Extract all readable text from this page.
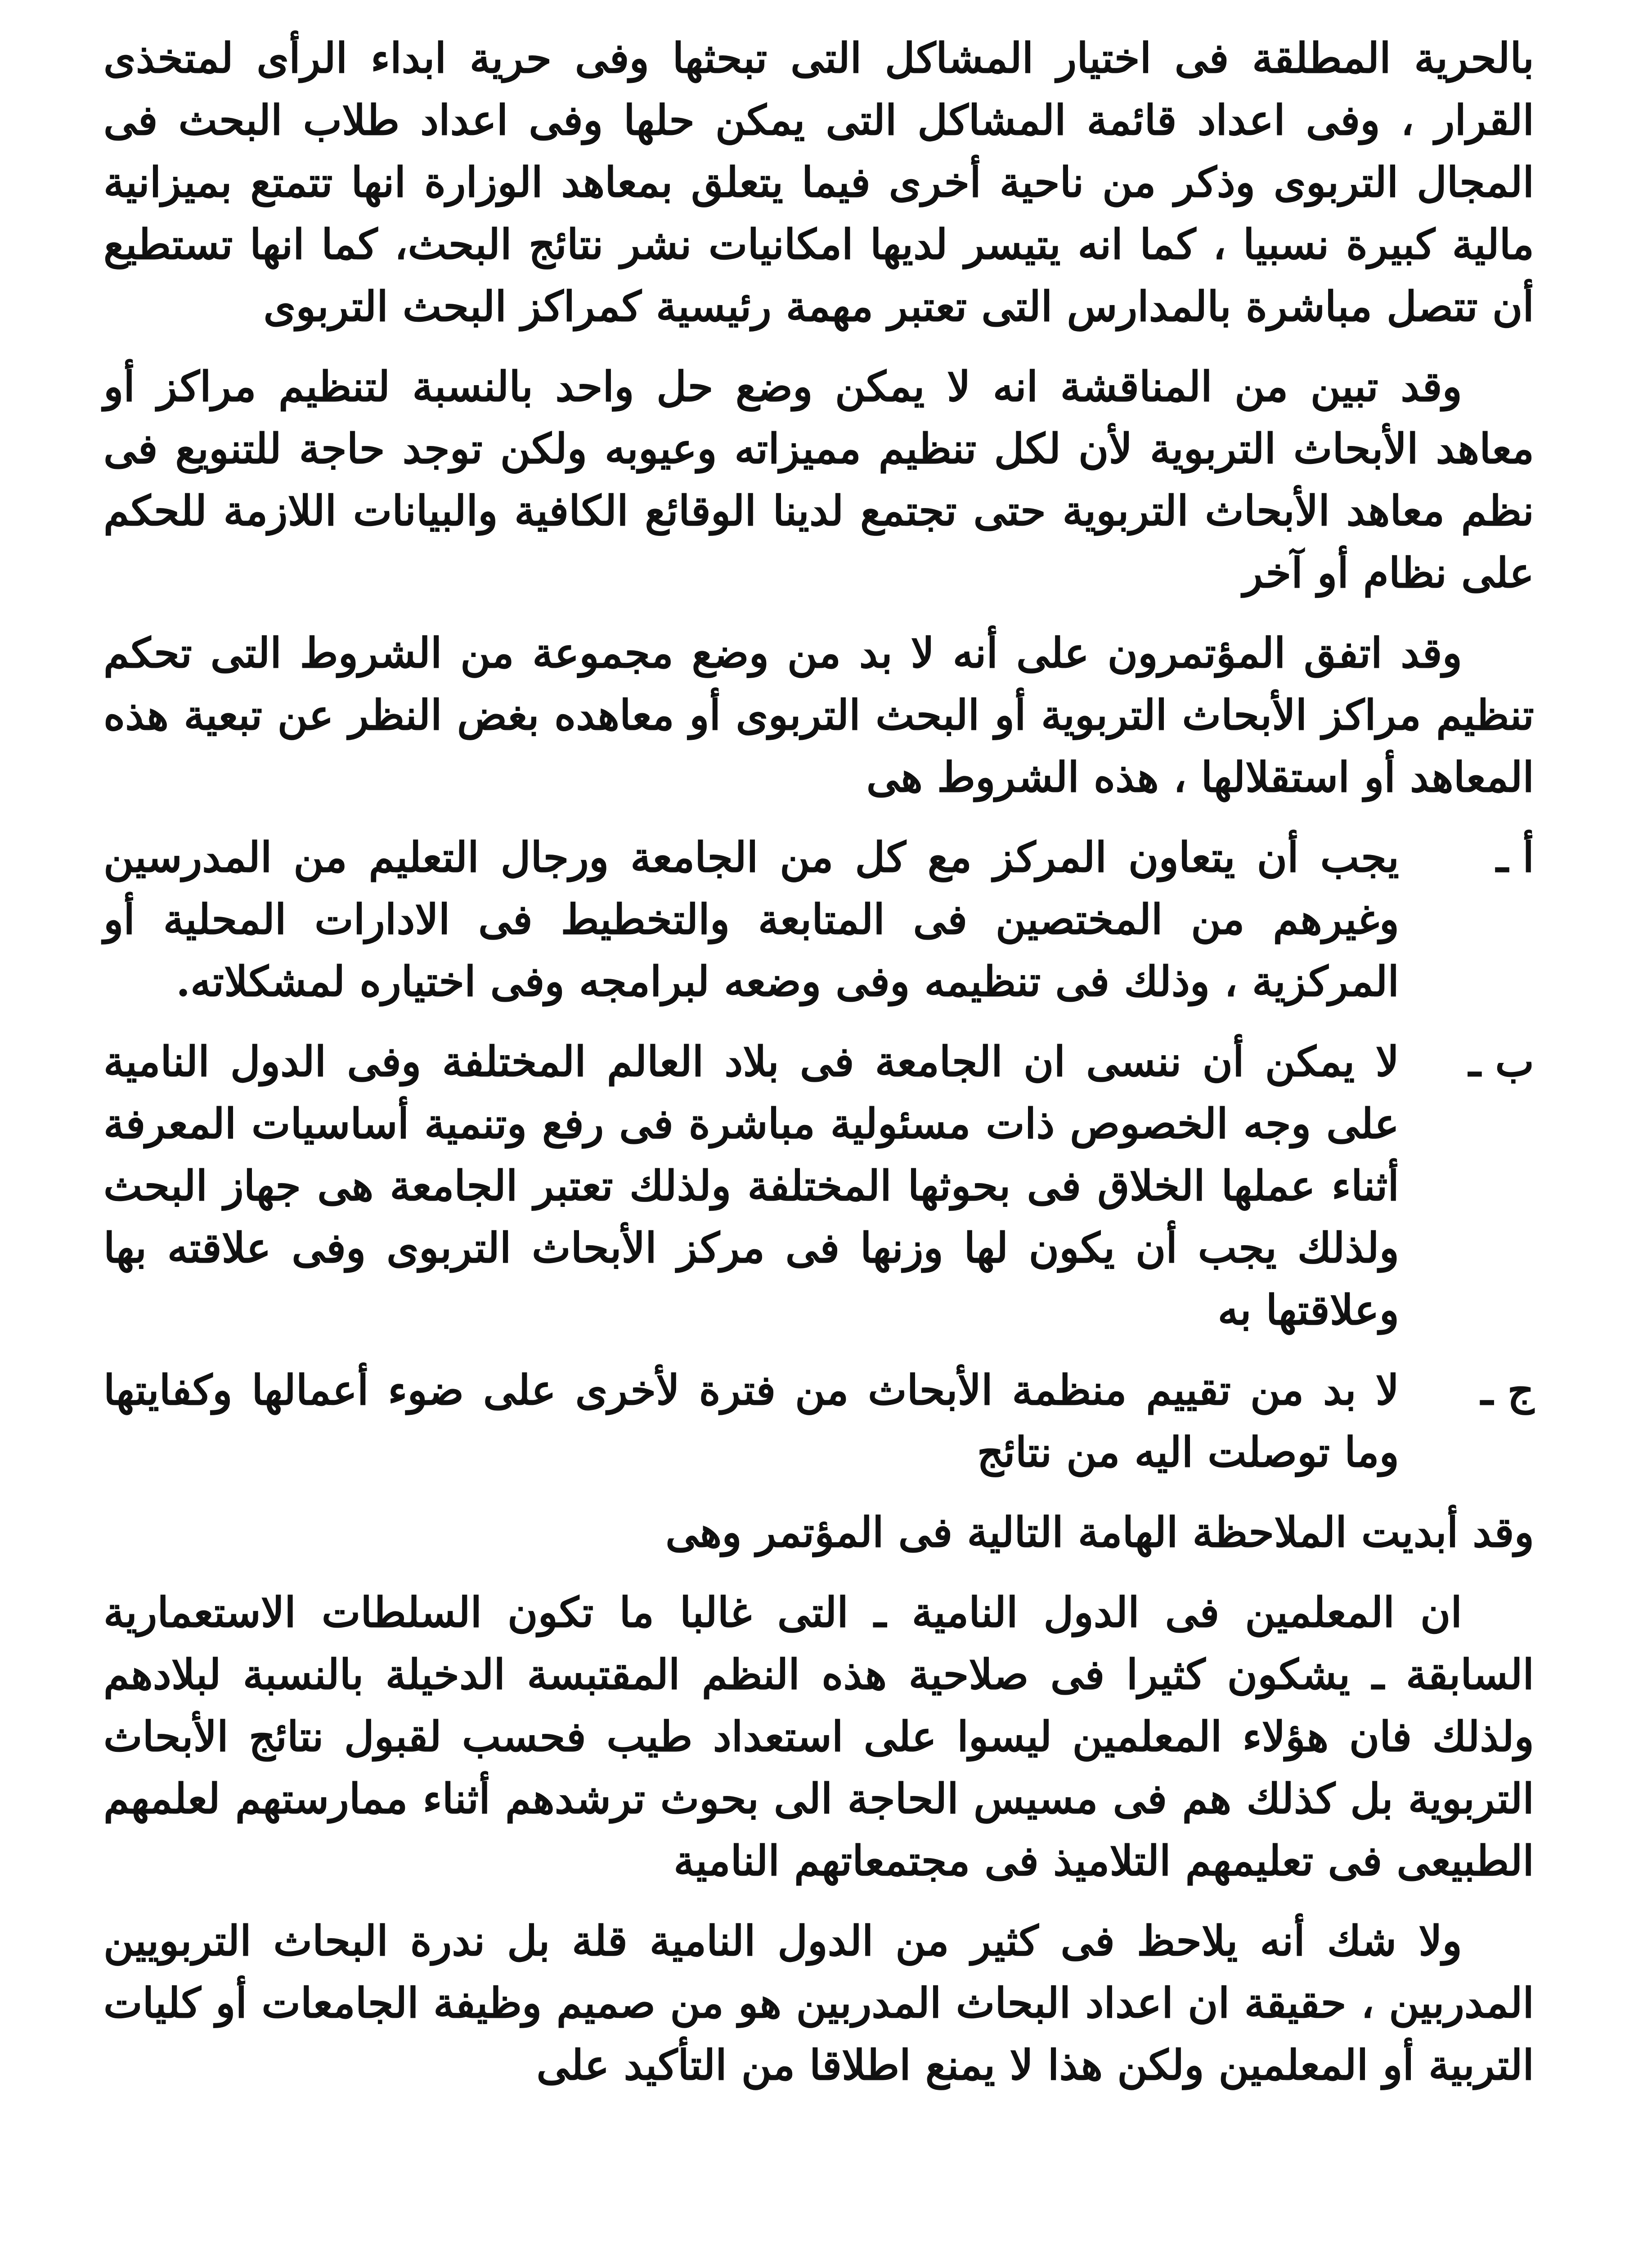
بالحرية المطلقة فى اختيار المشاكل التى تبحثها وفى حرية ابداء الرأى لمتخذى القرار ، وفى اعداد قائمة المشاكل التى يمكن حلها وفى اعداد طلاب البحث فى المجال التربوى وذكر من ناحية أخرى فيما يتعلق بمعاهد الوزارة انها تتمتع بميزانية مالية كبيرة نسبيا ، كما انه يتيسر لديها امكانيات نشر نتائج البحث، كما انها تستطيع أن تتصل مباشرة بالمدارس التى تعتبر مهمة رئيسية كمراكز البحث التربوى

وقد تبين من المناقشة انه لا يمكن وضع حل واحد بالنسبة لتنظيم مراكز أو معاهد الأبحاث التربوية لأن لكل تنظيم مميزاته وعيوبه ولكن توجد حاجة للتنويع فى نظم معاهد الأبحاث التربوية حتى تجتمع لدينا الوقائع الكافية والبيانات اللازمة للحكم على نظام أو آخر

وقد اتفق المؤتمرون على أنه لا بد من وضع مجموعة من الشروط التى تحكم تنظيم مراكز الأبحاث التربوية أو البحث التربوى أو معاهده بغض النظر عن تبعية هذه المعاهد أو استقلالها ، هذه الشروط هى

أ ـ
يجب أن يتعاون المركز مع كل من الجامعة ورجال التعليم من المدرسين وغيرهم من المختصين فى المتابعة والتخطيط فى الادارات المحلية أو المركزية ، وذلك فى تنظيمه وفى وضعه لبرامجه وفى اختياره لمشكلاته.
ب ـ
لا يمكن أن ننسى ان الجامعة فى بلاد العالم المختلفة وفى الدول النامية على وجه الخصوص ذات مسئولية مباشرة فى رفع وتنمية أساسيات المعرفة أثناء عملها الخلاق فى بحوثها المختلفة ولذلك تعتبر الجامعة هى جهاز البحث ولذلك يجب أن يكون لها وزنها فى مركز الأبحاث التربوى وفى علاقته بها وعلاقتها به
ج ـ
لا بد من تقييم منظمة الأبحاث من فترة لأخرى على ضوء أعمالها وكفايتها وما توصلت اليه من نتائج

وقد أبديت الملاحظة الهامة التالية فى المؤتمر وهى

ان المعلمين فى الدول النامية ـ التى غالبا ما تكون السلطات الاستعمارية السابقة ـ يشكون كثيرا فى صلاحية هذه النظم المقتبسة الدخيلة بالنسبة لبلادهم ولذلك فان هؤلاء المعلمين ليسوا على استعداد طيب فحسب لقبول نتائج الأبحاث التربوية بل كذلك هم فى مسيس الحاجة الى بحوث ترشدهم أثناء ممارستهم لعلمهم الطبيعى فى تعليمهم التلاميذ فى مجتمعاتهم النامية

ولا شك أنه يلاحظ فى كثير من الدول النامية قلة بل ندرة البحاث التربويين المدربين ، حقيقة ان اعداد البحاث المدربين هو من صميم وظيفة الجامعات أو كليات التربية أو المعلمين ولكن هذا لا يمنع اطلاقا من التأكيد على
